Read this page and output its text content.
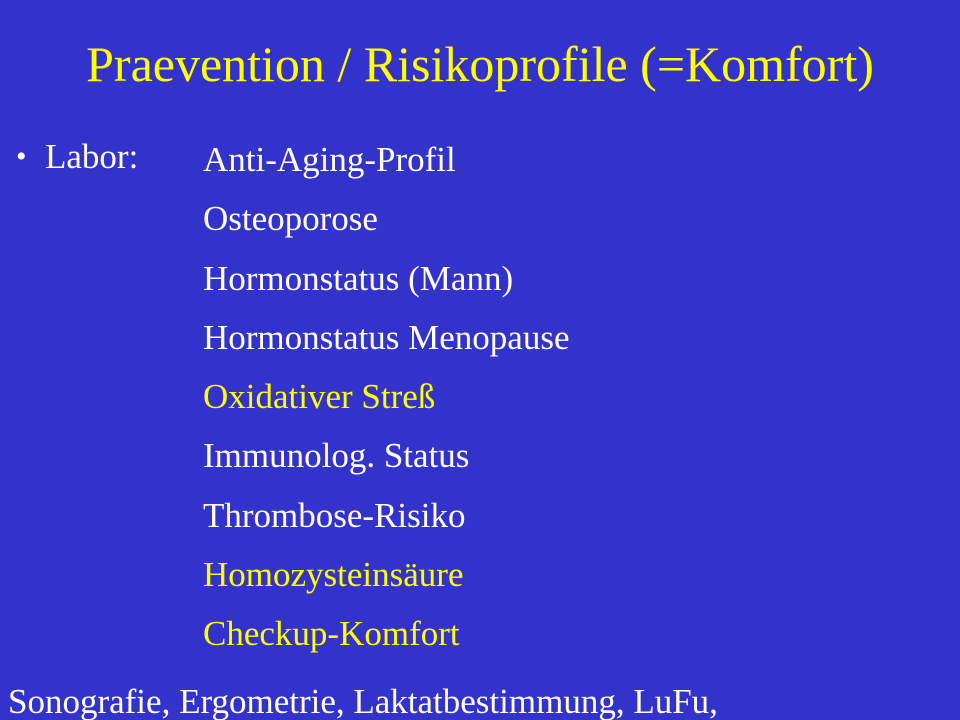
Praevention / Risikoprofile (=Komfort)
• Labor: Anti-Aging-Profil
Osteoporose
Hormonstatus (Mann)
Hormonstatus Menopause
Oxidativer Streß
Immunolog. Status
Thrombose-Risiko
Homozysteinsäure
Checkup-Komfort
Sonografie, Ergometrie, Laktatbestimmung, LuFu,
